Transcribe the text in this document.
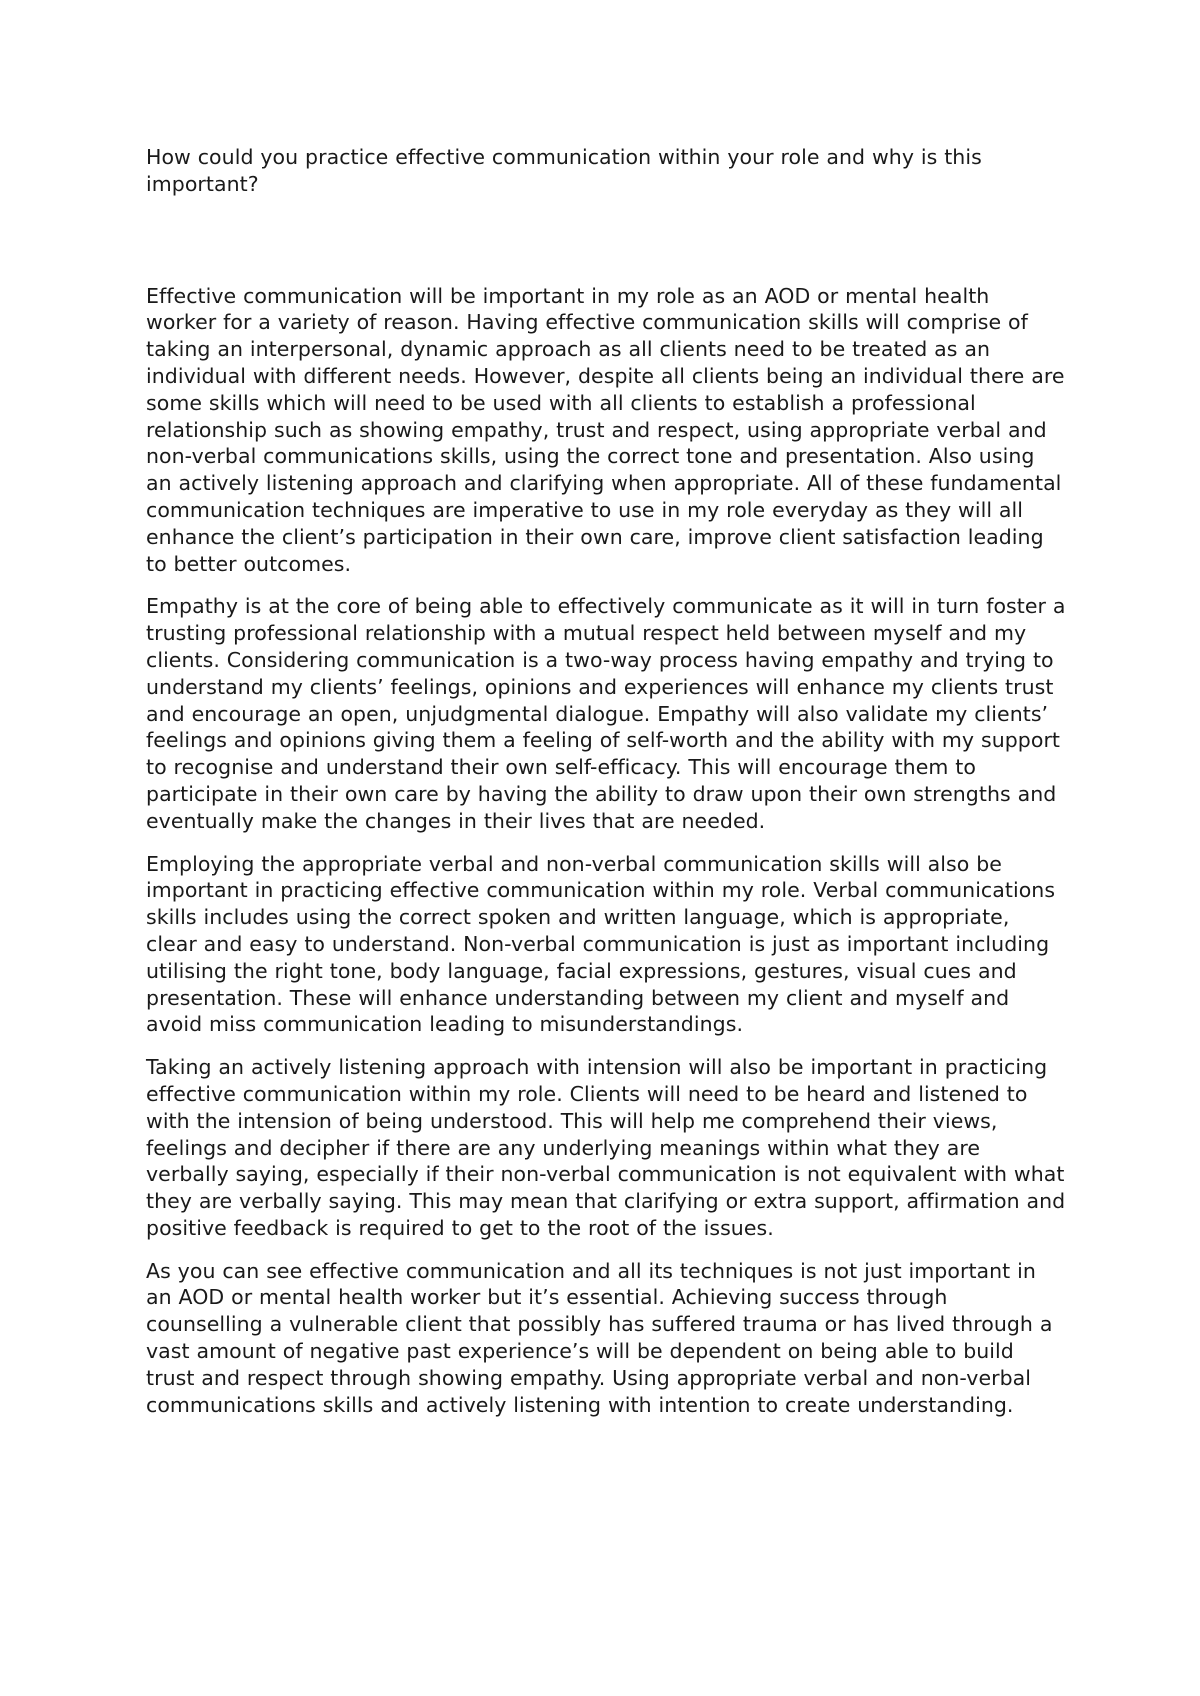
How could you practice effective communication within your role and why is this important?

Effective communication will be important in my role as an AOD or mental health worker for a variety of reason. Having effective communication skills will comprise of taking an interpersonal, dynamic approach as all clients need to be treated as an individual with different needs. However, despite all clients being an individual there are some skills which will need to be used with all clients to establish a professional relationship such as showing empathy, trust and respect, using appropriate verbal and non-verbal communications skills, using the correct tone and presentation. Also using an actively listening approach and clarifying when appropriate. All of these fundamental communication techniques are imperative to use in my role everyday as they will all enhance the client’s participation in their own care, improve client satisfaction leading to better outcomes.

Empathy is at the core of being able to effectively communicate as it will in turn foster a trusting professional relationship with a mutual respect held between myself and my clients. Considering communication is a two-way process having empathy and trying to understand my clients’ feelings, opinions and experiences will enhance my clients trust and encourage an open, unjudgmental dialogue. Empathy will also validate my clients’ feelings and opinions giving them a feeling of self-worth and the ability with my support to recognise and understand their own self-efficacy. This will encourage them to participate in their own care by having the ability to draw upon their own strengths and eventually make the changes in their lives that are needed.

Employing the appropriate verbal and non-verbal communication skills will also be important in practicing effective communication within my role. Verbal communications skills includes using the correct spoken and written language, which is appropriate, clear and easy to understand. Non-verbal communication is just as important including utilising the right tone, body language, facial expressions, gestures, visual cues and presentation. These will enhance understanding between my client and myself and avoid miss communication leading to misunderstandings.

Taking an actively listening approach with intension will also be important in practicing effective communication within my role. Clients will need to be heard and listened to with the intension of being understood. This will help me comprehend their views, feelings and decipher if there are any underlying meanings within what they are verbally saying, especially if their non-verbal communication is not equivalent with what they are verbally saying. This may mean that clarifying or extra support, affirmation and positive feedback is required to get to the root of the issues.

As you can see effective communication and all its techniques is not just important in an AOD or mental health worker but it’s essential. Achieving success through counselling a vulnerable client that possibly has suffered trauma or has lived through a vast amount of negative past experience’s will be dependent on being able to build trust and respect through showing empathy. Using appropriate verbal and non-verbal communications skills and actively listening with intention to create understanding.
